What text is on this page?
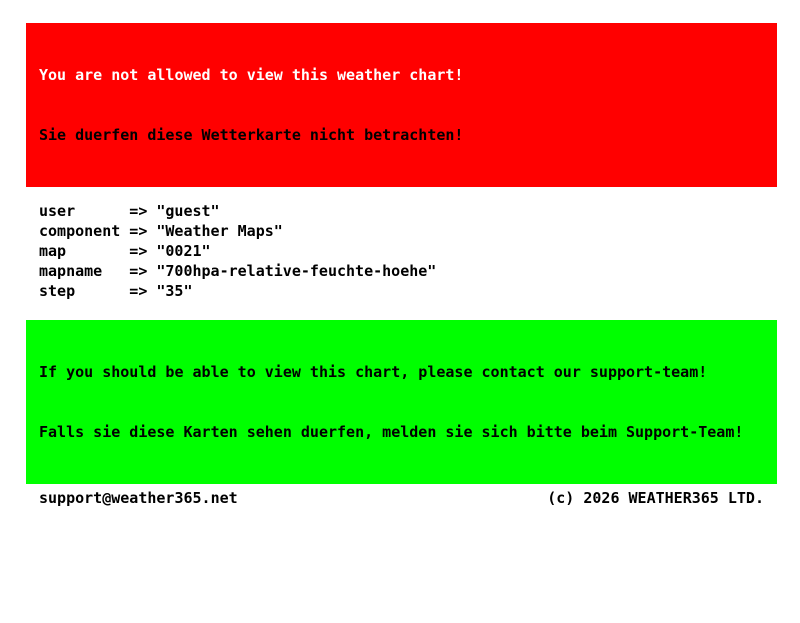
You are not allowed to view this weather chart!

Sie duerfen diese Wetterkarte nicht betrachten!

user	=> "guest"
component => "Weather Maps"
map	=> "0021"
mapname => "700hpa-relative-feuchte-hoehe"
step	=> "35"

If you should be able to view this chart, please contact our support-team!

Falls sie diese Karten sehen duerfen, melden sie sich bitte beim Support-Team!

support@weather365.net	(c) 2026 WEATHER365 LTD.
